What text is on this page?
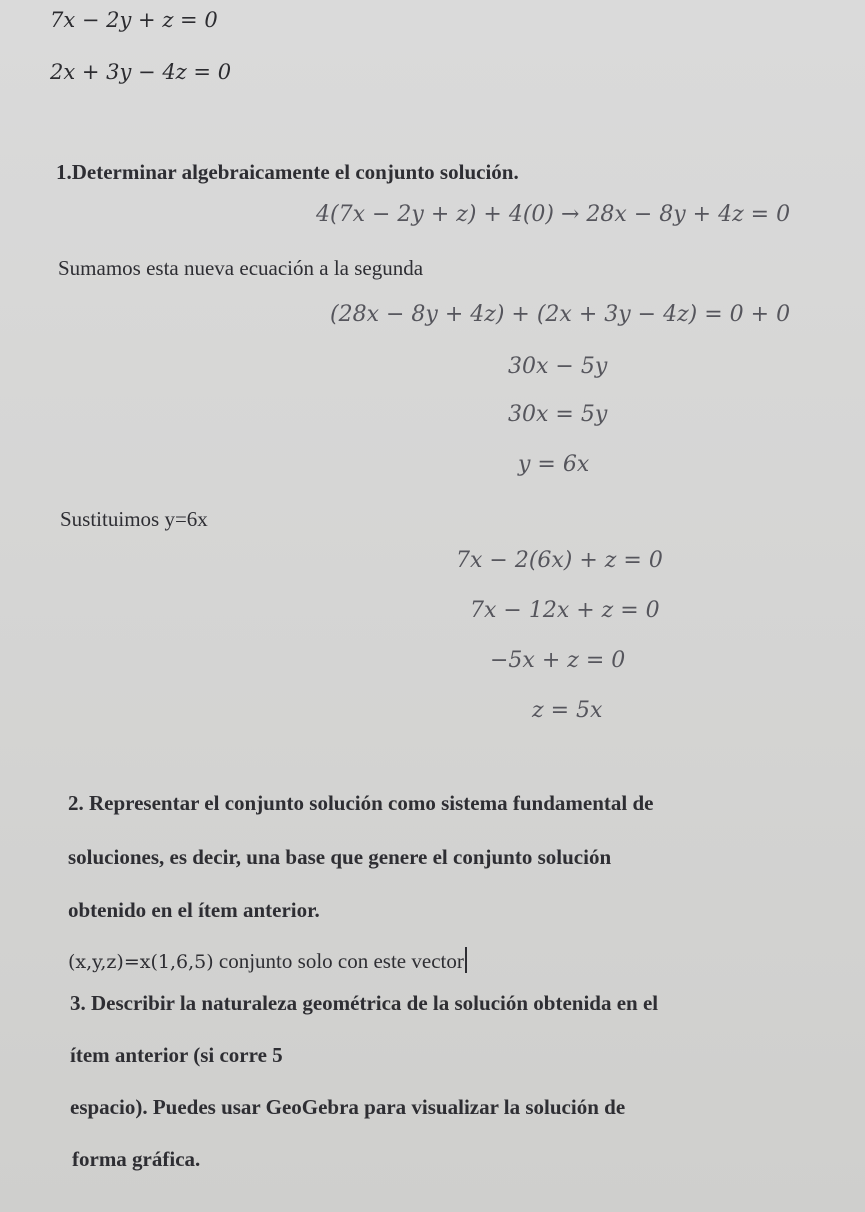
7x − 2y + z = 0
2x + 3y − 4z = 0
1.Determinar algebraicamente el conjunto solución.
4(7x − 2y + z) + 4(0) → 28x − 8y + 4z = 0
Sumamos esta nueva ecuación a la segunda
(28x − 8y + 4z) + (2x + 3y − 4z) = 0 + 0
30x − 5y
30x = 5y
y = 6x
Sustituimos y=6x
7x − 2(6x) + z = 0
7x − 12x + z = 0
−5x + z = 0
z = 5x
2. Representar el conjunto solución como sistema fundamental de
soluciones, es decir, una base que genere el conjunto solución
obtenido en el ítem anterior.
(x,y,z)=x(1,6,5) conjunto solo con este vector
3. Describir la naturaleza geométrica de la solución obtenida en el
ítem anterior (si corre 5
espacio). Puedes usar GeoGebra para visualizar la solución de
forma gráfica.
